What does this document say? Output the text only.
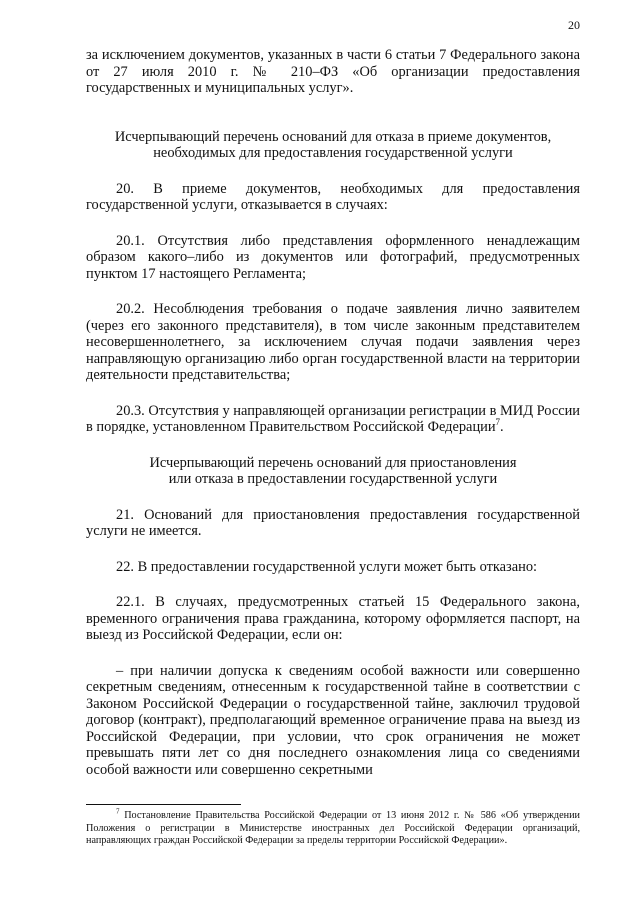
20

за исключением документов, указанных в части 6 статьи 7 Федерального закона от 27 июля 2010 г. № 210–ФЗ «Об организации предоставления государственных и муниципальных услуг».

Исчерпывающий перечень оснований для отказа в приеме документов,

необходимых для предоставления государственной услуги

20. В приеме документов, необходимых для предоставления государственной услуги, отказывается в случаях:

20.1. Отсутствия либо представления оформленного ненадлежащим образом какого–либо из документов или фотографий, предусмотренных пунктом 17 настоящего Регламента;

20.2. Несоблюдения требования о подаче заявления лично заявителем (через его законного представителя), в том числе законным представителем несовершеннолетнего, за исключением случая подачи заявления через направляющую организацию либо орган государственной власти на территории деятельности представительства;

20.3. Отсутствия у направляющей организации регистрации в МИД России в порядке, установленном Правительством Российской Федерации$^7$.

Исчерпывающий перечень оснований для приостановления

или отказа в предоставлении государственной услуги

21. Оснований для приостановления предоставления государственной услуги не имеется.

22. В предоставлении государственной услуги может быть отказано:

22.1. В случаях, предусмотренных статьей 15 Федерального закона, временного ограничения права гражданина, которому оформляется паспорт, на выезд из Российской Федерации, если он:

– при наличии допуска к сведениям особой важности или совершенно секретным сведениям, отнесенным к государственной тайне в соответствии с Законом Российской Федерации о государственной тайне, заключил трудовой договор (контракт), предполагающий временное ограничение права на выезд из Российской Федерации, при условии, что срок ограничения не может превышать пяти лет со дня последнего ознакомления лица со сведениями особой важности или совершенно секретными

$^7$ Постановление Правительства Российской Федерации от 13 июня 2012 г. № 586 «Об утверждении Положения о регистрации в Министерстве иностранных дел Российской Федерации организаций, направляющих граждан Российской Федерации за пределы территории Российской Федерации».
